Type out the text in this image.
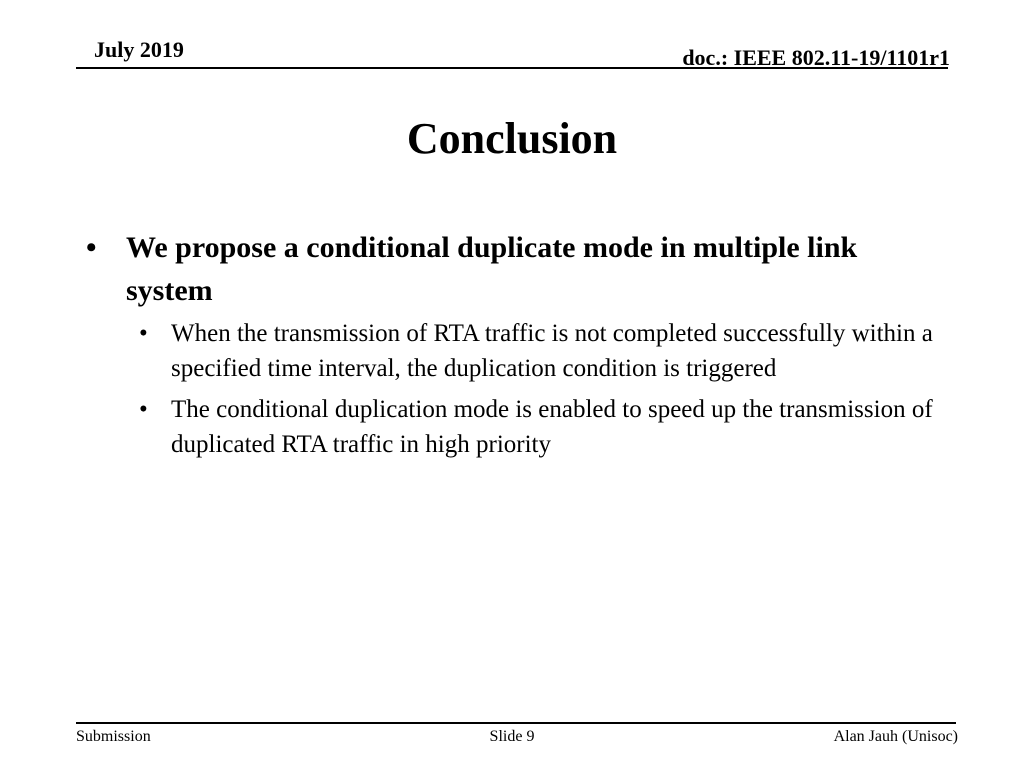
July 2019	doc.: IEEE 802.11-19/1101r1
Conclusion
• We propose a conditional duplicate mode in multiple link system
• When the transmission of RTA traffic is not completed successfully within a specified time interval, the duplication condition is triggered
• The conditional duplication mode is enabled to speed up the transmission of duplicated RTA traffic in high priority
Submission	Slide 9	Alan Jauh (Unisoc)
